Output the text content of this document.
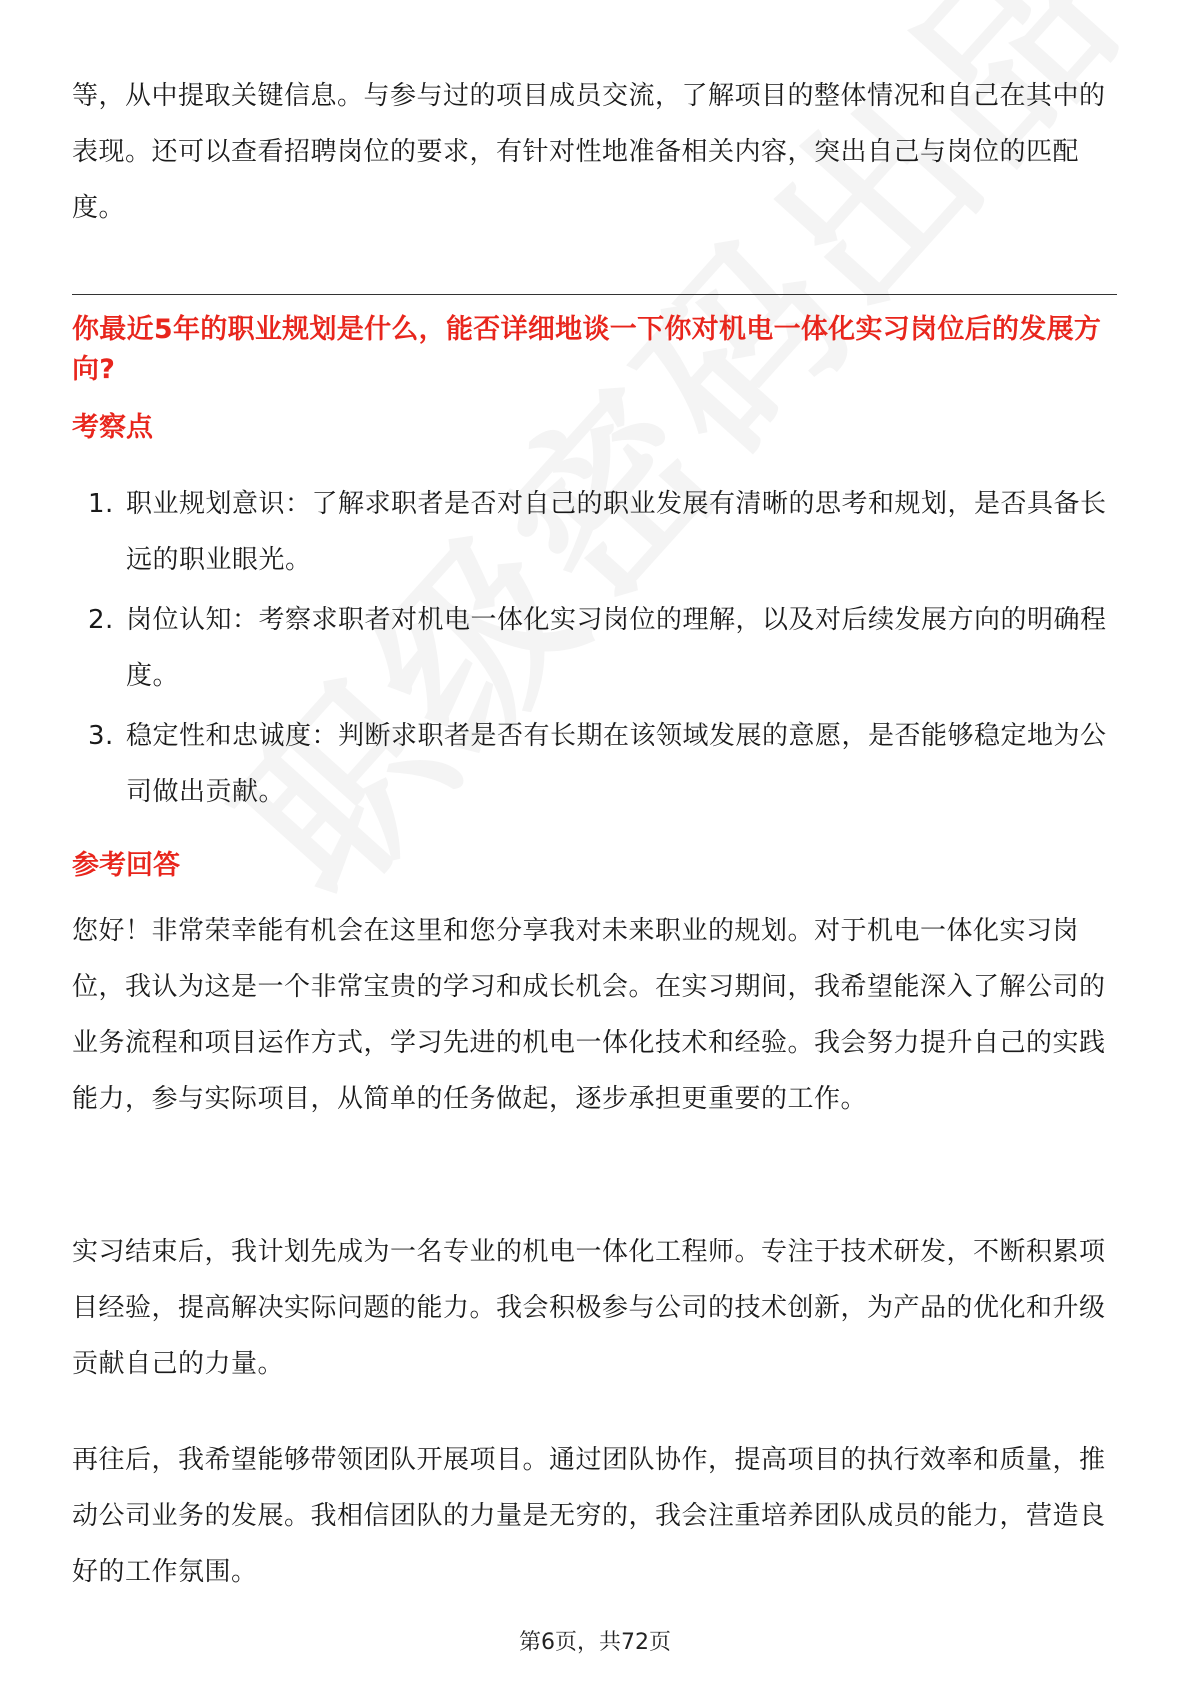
等，从中提取关键信息。与参与过的项目成员交流，了解项目的整体情况和自己在其中的表现。还可以查看招聘岗位的要求，有针对性地准备相关内容，突出自己与岗位的匹配度。

你最近5年的职业规划是什么，能否详细地谈一下你对机电一体化实习岗位后的发展方向?

考察点
1. 职业规划意识：了解求职者是否对自己的职业发展有清晰的思考和规划，是否具备长远的职业眼光。
2. 岗位认知：考察求职者对机电一体化实习岗位的理解，以及对后续发展方向的明确程度。
3. 稳定性和忠诚度：判断求职者是否有长期在该领域发展的意愿，是否能够稳定地为公司做出贡献。
参考回答

您好！非常荣幸能有机会在这里和您分享我对未来职业的规划。对于机电一体化实习岗位，我认为这是一个非常宝贵的学习和成长机会。在实习期间，我希望能深入了解公司的业务流程和项目运作方式，学习先进的机电一体化技术和经验。我会努力提升自己的实践能力，参与实际项目，从简单的任务做起，逐步承担更重要的工作。

实习结束后，我计划先成为一名专业的机电一体化工程师。专注于技术研发，不断积累项目经验，提高解决实际问题的能力。我会积极参与公司的技术创新，为产品的优化和升级贡献自己的力量。

再往后，我希望能够带领团队开展项目。通过团队协作，提高项目的执行效率和质量，推动公司业务的发展。我相信团队的力量是无穷的，我会注重培养团队成员的能力，营造良好的工作氛围。

第6页，共72页
